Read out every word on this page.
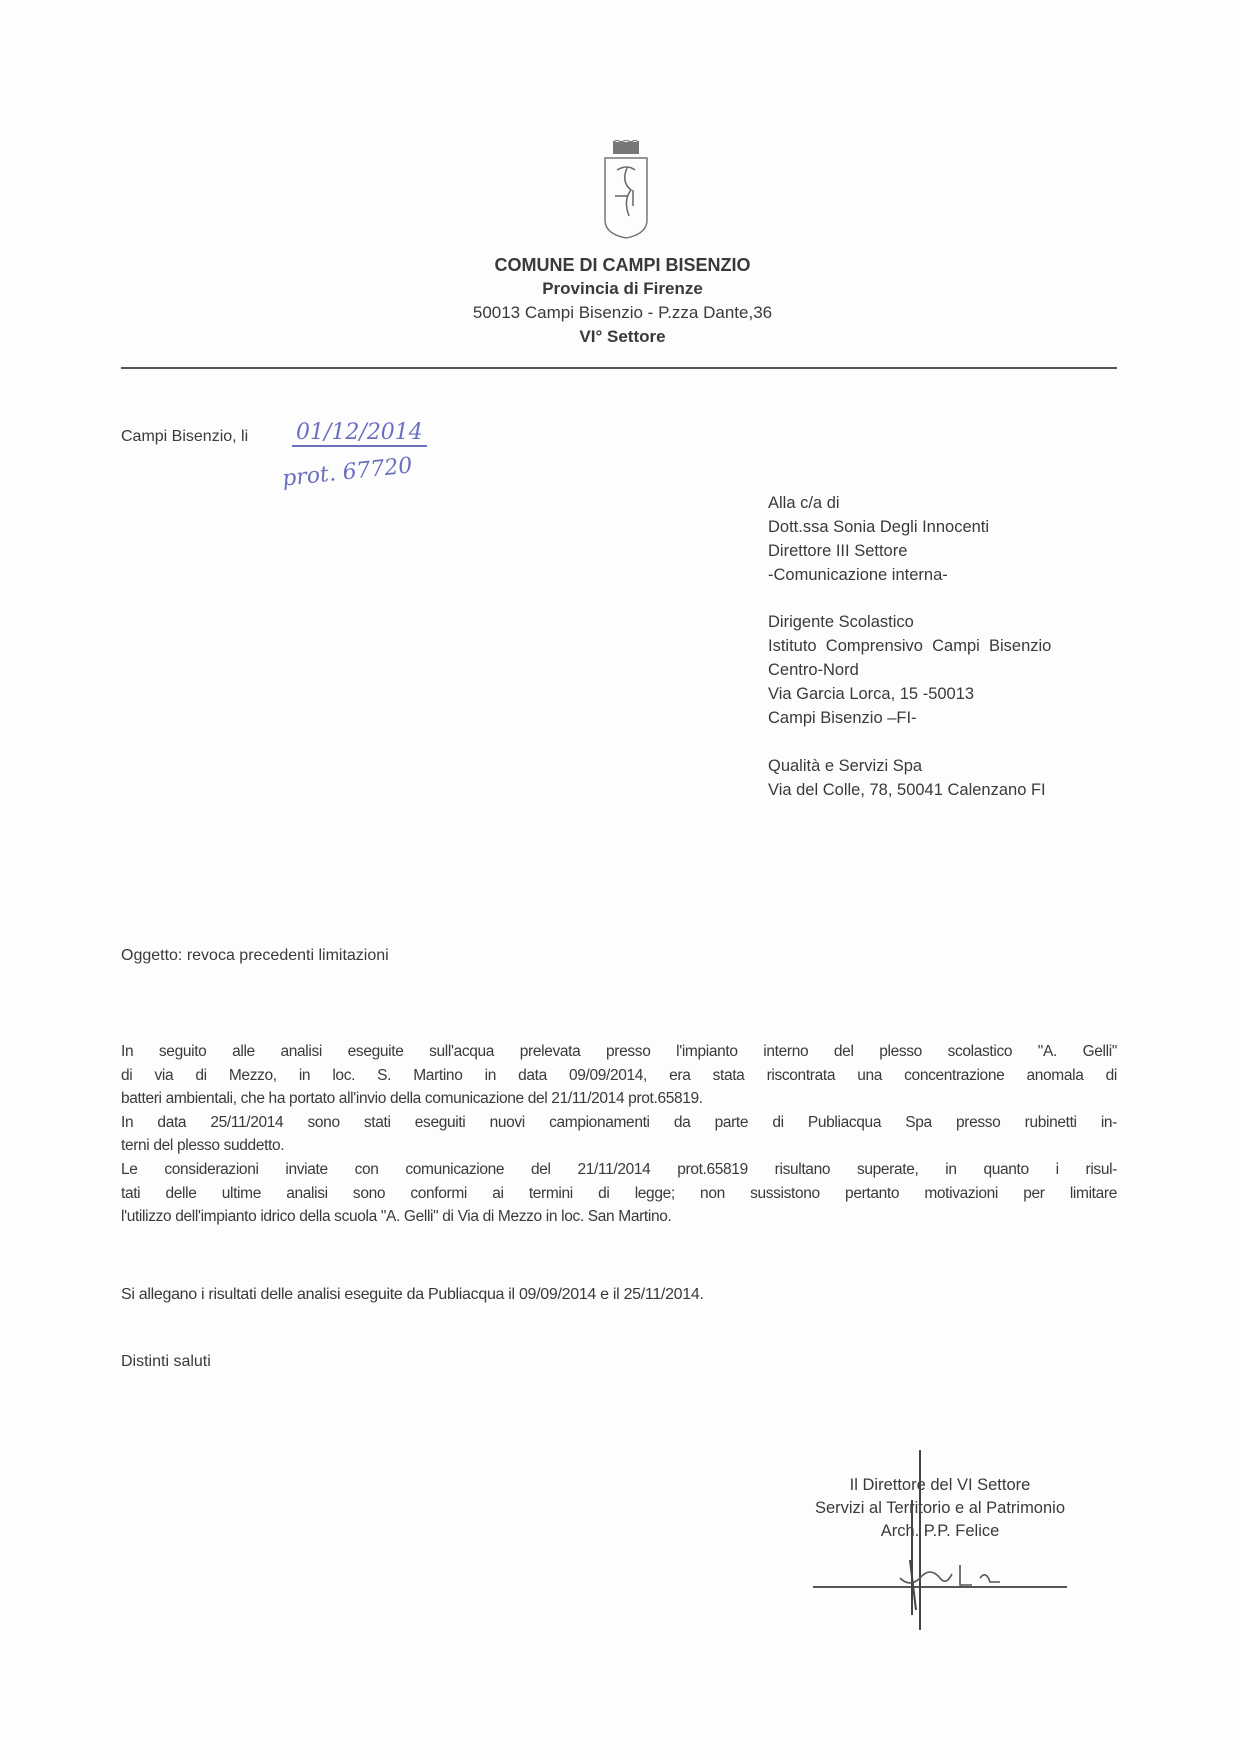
COMUNE DI CAMPI BISENZIO
Provincia di Firenze
50013 Campi Bisenzio - P.zza Dante,36
VI° Settore
Campi Bisenzio, li 01/12/2014
prot. 67720
Alla c/a di
Dott.ssa Sonia Degli Innocenti
Direttore III Settore
-Comunicazione interna-
Dirigente Scolastico
Istituto  Comprensivo  Campi  Bisenzio
Centro-Nord
Via Garcia Lorca, 15 -50013
Campi Bisenzio –FI-
Qualità e Servizi Spa
Via del Colle, 78, 50041 Calenzano FI
Oggetto: revoca precedenti limitazioni
In seguito alle analisi eseguite sull'acqua prelevata presso l'impianto interno del plesso scolastico "A. Gelli"
di via di Mezzo, in loc. S. Martino in data 09/09/2014, era stata riscontrata una concentrazione anomala di
batteri ambientali, che ha portato all'invio della comunicazione del 21/11/2014 prot.65819.
In data 25/11/2014 sono stati eseguiti nuovi campionamenti da parte di Publiacqua Spa presso rubinetti in-
terni del plesso suddetto.
Le considerazioni inviate con comunicazione del 21/11/2014 prot.65819 risultano superate, in quanto i risul-
tati delle ultime analisi sono conformi ai termini di legge; non sussistono pertanto motivazioni per limitare
l'utilizzo dell'impianto idrico della scuola "A. Gelli" di Via di Mezzo in loc. San Martino.
Si allegano i risultati delle analisi eseguite da Publiacqua il 09/09/2014 e il 25/11/2014.
Distinti saluti
Il Direttore del VI Settore
Servizi al Territorio e al Patrimonio
Arch. P.P. Felice
